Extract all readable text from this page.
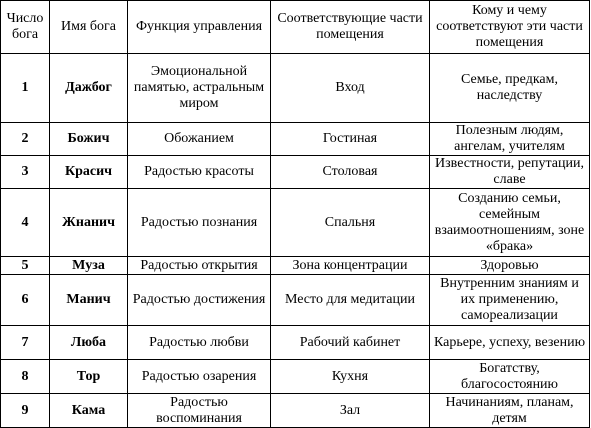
Число бога	Имя бога	Функция управления	Соответствующие части помещения	Кому и чему соответствуют эти части помещения
1	Дажбог	Эмоциональной памятью, астральным миром	Вход	Семье, предкам, наследству
2	Божич	Обожанием	Гостиная	Полезным людям, ангелам, учителям
3	Красич	Радостью красоты	Столовая	Известности, репутации, славе
4	Жнанич	Радостью познания	Спальня	Созданию семьи, семейным взаимоотношениям, зоне «брака»
5	Муза	Радостью открытия	Зона концентрации	Здоровью
6	Манич	Радостью достижения	Место для медитации	Внутренним знаниям и их применению, самореализации
7	Люба	Радостью любви	Рабочий кабинет	Карьере, успеху, везению
8	Тор	Радостью озарения	Кухня	Богатству, благосостоянию
9	Кама	Радостью воспоминания	Зал	Начинаниям, планам, детям
